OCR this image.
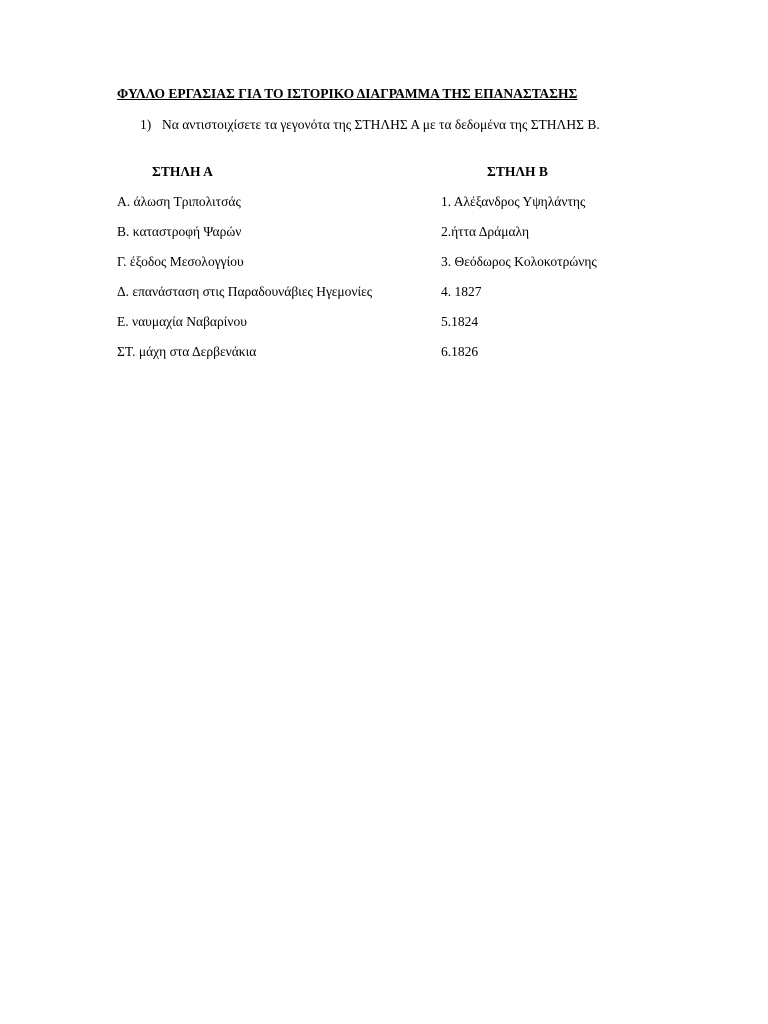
ΦΥΛΛΟ ΕΡΓΑΣΙΑΣ ΓΙΑ ΤΟ ΙΣΤΟΡΙΚΟ ΔΙΑΓΡΑΜΜΑ ΤΗΣ ΕΠΑΝΑΣΤΑΣΗΣ
1) Να αντιστοιχίσετε τα γεγονότα της ΣΤΗΛΗΣ Α με τα δεδομένα της ΣΤΗΛΗΣ Β.
ΣΤΗΛΗ Α	ΣΤΗΛΗ Β
Α. άλωση Τριπολιτσάς
Β. καταστροφή Ψαρών
Γ. έξοδος Μεσολογγίου
Δ. επανάσταση στις Παραδουνάβιες Ηγεμονίες
Ε. ναυμαχία Ναβαρίνου
ΣΤ. μάχη στα Δερβενάκια
1. Αλέξανδρος Υψηλάντης
2.ήττα Δράμαλη
3. Θεόδωρος Κολοκοτρώνης
4. 1827
5.1824
6.1826
